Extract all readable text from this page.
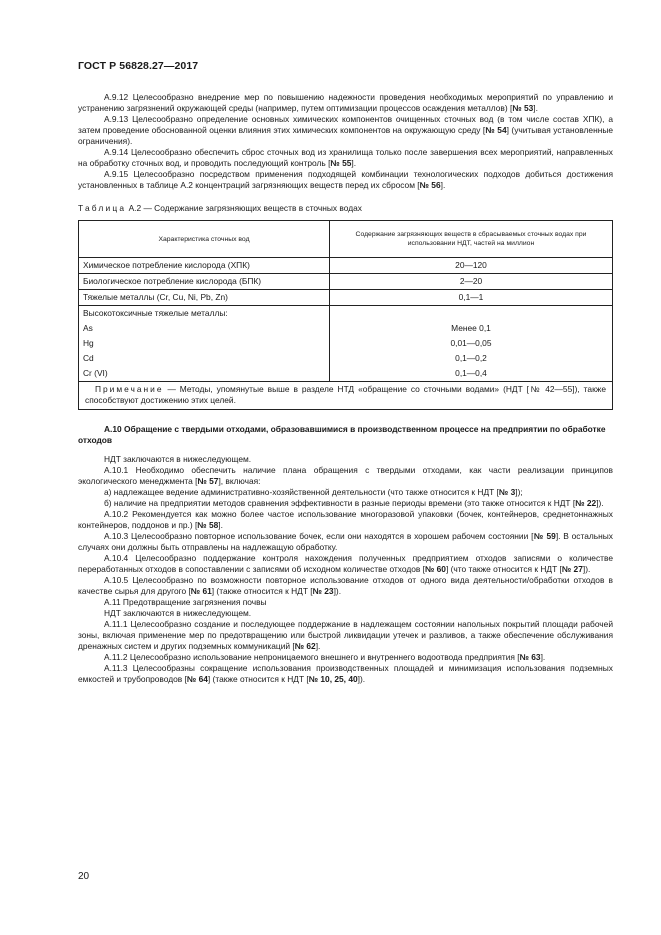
ГОСТ Р 56828.27—2017

А.9.12 Целесообразно внедрение мер по повышению надежности проведения необходимых мероприятий по управлению и устранению загрязнений окружающей среды (например, путем оптимизации процессов осаждения металлов) [№ 53].

А.9.13 Целесообразно определение основных химических компонентов очищенных сточных вод (в том числе состав ХПК), а затем проведение обоснованной оценки влияния этих химических компонентов на окружающую среду [№ 54] (учитывая установленные ограничения).

А.9.14 Целесообразно обеспечить сброс сточных вод из хранилища только после завершения всех мероприятий, направленных на обработку сточных вод, и проводить последующий контроль [№ 55].

А.9.15 Целесообразно посредством применения подходящей комбинации технологических подходов добиться достижения установленных в таблице А.2 концентраций загрязняющих веществ перед их сбросом [№ 56].

Таблица А.2 — Содержание загрязняющих веществ в сточных водах
Характеристика сточных вод	Содержание загрязняющих веществ в сбрасываемых сточных водах при использовании НДТ, частей на миллион
Химическое потребление кислорода (ХПК)	20—120
Биологическое потребление кислорода (БПК)	2—20
Тяжелые металлы (Cr, Cu, Ni, Pb, Zn)	0,1—1
Высокотоксичные тяжелые металлы:	
As	Менее 0,1
Hg	0,01—0,05
Cd	0,1—0,2
Cr (VI)	0,1—0,4
Примечание — Методы, упомянутые выше в разделе НТД «обращение со сточными водами» (НДТ [№ 42—55]), также способствуют достижению этих целей.	

А.10 Обращение с твердыми отходами, образовавшимися в производственном процессе на предприятии по обработке отходов

НДТ заключаются в нижеследующем.

А.10.1 Необходимо обеспечить наличие плана обращения с твердыми отходами, как части реализации принципов экологического менеджмента [№ 57], включая:

а) надлежащее ведение административно-хозяйственной деятельности (что также относится к НДТ [№ 3]);

б) наличие на предприятии методов сравнения эффективности в разные периоды времени (это также относится к НДТ [№ 22]).

А.10.2 Рекомендуется как можно более частое использование многоразовой упаковки (бочек, контейнеров, среднетоннажных контейнеров, поддонов и пр.) [№ 58].

А.10.3 Целесообразно повторное использование бочек, если они находятся в хорошем рабочем состоянии [№ 59]. В остальных случаях они должны быть отправлены на надлежащую обработку.

А.10.4 Целесообразно поддержание контроля нахождения полученных предприятием отходов записями о количестве переработанных отходов в сопоставлении с записями об исходном количестве отходов [№ 60] (что также относится к НДТ [№ 27]).

А.10.5 Целесообразно по возможности повторное использование отходов от одного вида деятельности/обработки отходов в качестве сырья для другого [№ 61] (также относится к НДТ [№ 23]).

А.11 Предотвращение загрязнения почвы

НДТ заключаются в нижеследующем.

А.11.1 Целесообразно создание и последующее поддержание в надлежащем состоянии напольных покрытий площади рабочей зоны, включая применение мер по предотвращению или быстрой ликвидации утечек и разливов, а также обеспечение обслуживания дренажных систем и других подземных коммуникаций [№ 62].

А.11.2 Целесообразно использование непроницаемого внешнего и внутреннего водоотвода предприятия [№ 63].

А.11.3 Целесообразны сокращение использования производственных площадей и минимизация использования подземных емкостей и трубопроводов [№ 64] (также относится к НДТ [№ 10, 25, 40]).

20
